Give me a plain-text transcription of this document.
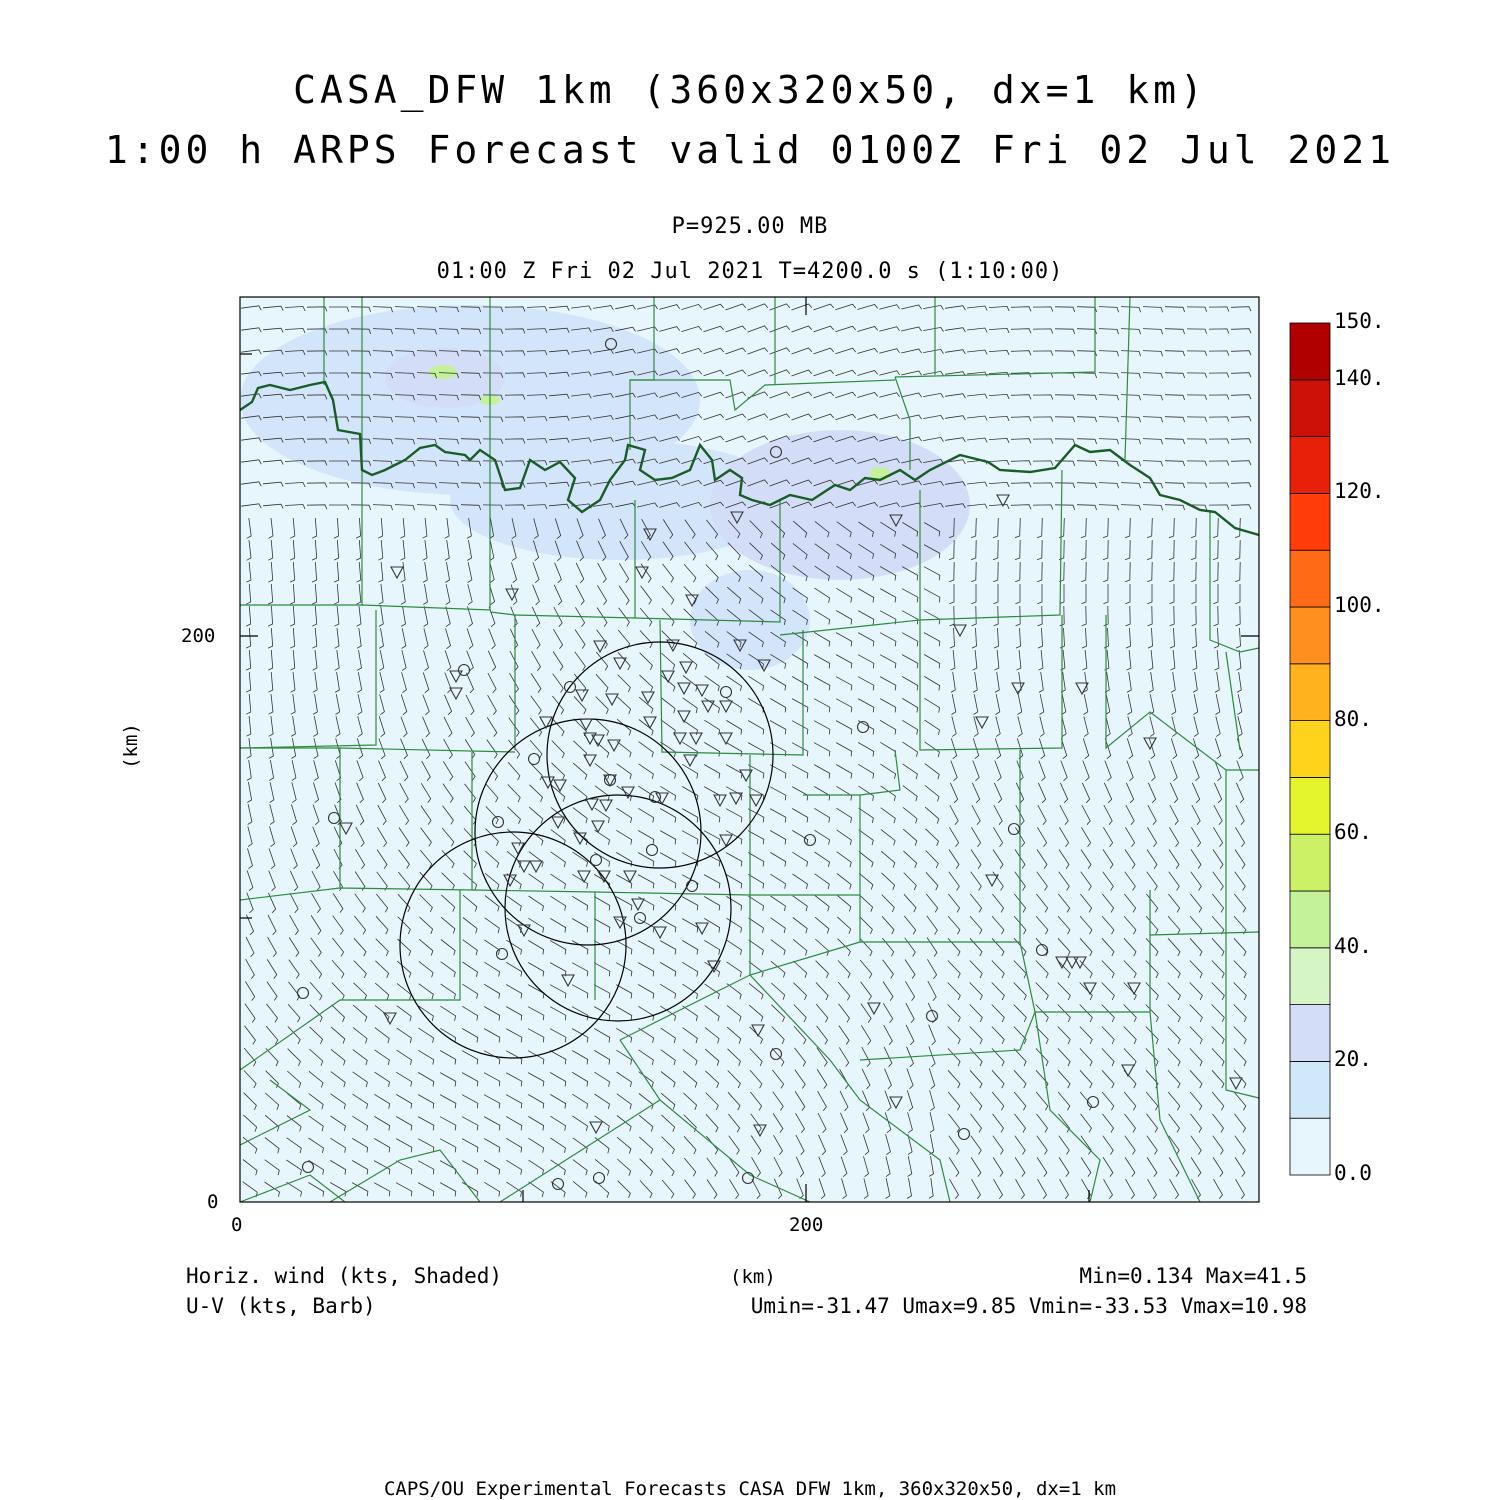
CASA_DFW 1km (360x320x50, dx=1 km)
1:00 h ARPS Forecast valid 0100Z Fri 02 Jul 2021
P=925.00 MB
01:00 Z Fri 02 Jul 2021 T=4200.0 s (1:10:00)
200
0
0	200
(km)
(km)
0.0
20.
40.
60.
80.
100.
120.
140.
150.
Horiz. wind (kts, Shaded)
U-V (kts, Barb)
Min=0.134 Max=41.5
Umin=-31.47 Umax=9.85 Vmin=-33.53 Vmax=10.98
CAPS/OU Experimental Forecasts CASA DFW 1km, 360x320x50, dx=1 km
